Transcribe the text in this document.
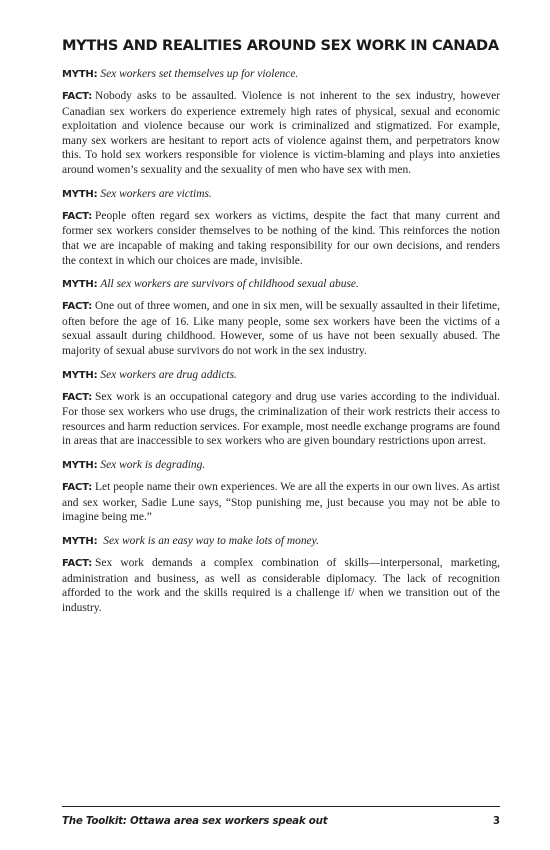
MYTHS AND REALITIES AROUND SEX WORK IN CANADA

MYTH: Sex workers set themselves up for violence.

FACT: Nobody asks to be assaulted. Violence is not inherent to the sex industry, however Canadian sex workers do experience extremely high rates of physical, sexual and economic exploitation and violence because our work is criminalized and stigmatized. For example, many sex workers are hesitant to report acts of violence against them, and perpetrators know this. To hold sex workers responsible for violence is victim-blaming and plays into anxieties around women’s sexuality and the sexuality of men who have sex with men.

MYTH: Sex workers are victims.

FACT: People often regard sex workers as victims, despite the fact that many current and former sex workers consider themselves to be nothing of the kind. This reinforces the notion that we are incapable of making and taking responsibility for our own decisions, and renders the context in which our choices are made, invisible.

MYTH: All sex workers are survivors of childhood sexual abuse.

FACT: One out of three women, and one in six men, will be sexually assaulted in their lifetime, often before the age of 16. Like many people, some sex workers have been the victims of a sexual assault during childhood. However, some of us have not been sexually abused. The majority of sexual abuse survivors do not work in the sex industry.

MYTH: Sex workers are drug addicts.

FACT: Sex work is an occupational category and drug use varies according to the individual. For those sex workers who use drugs, the criminalization of their work restricts their access to resources and harm reduction services. For example, most needle exchange programs are found in areas that are inaccessible to sex workers who are given boundary restrictions upon arrest.

MYTH: Sex work is degrading.

FACT: Let people name their own experiences. We are all the experts in our own lives. As artist and sex worker, Sadie Lune says, “Stop punishing me, just because you may not be able to imagine being me.”

MYTH: Sex work is an easy way to make lots of money.

FACT: Sex work demands a complex combination of skills—interpersonal, marketing, administration and business, as well as considerable diplomacy. The lack of recognition afforded to the work and the skills required is a challenge if/ when we transition out of the industry.

The Toolkit: Ottawa area sex workers speak out	3
